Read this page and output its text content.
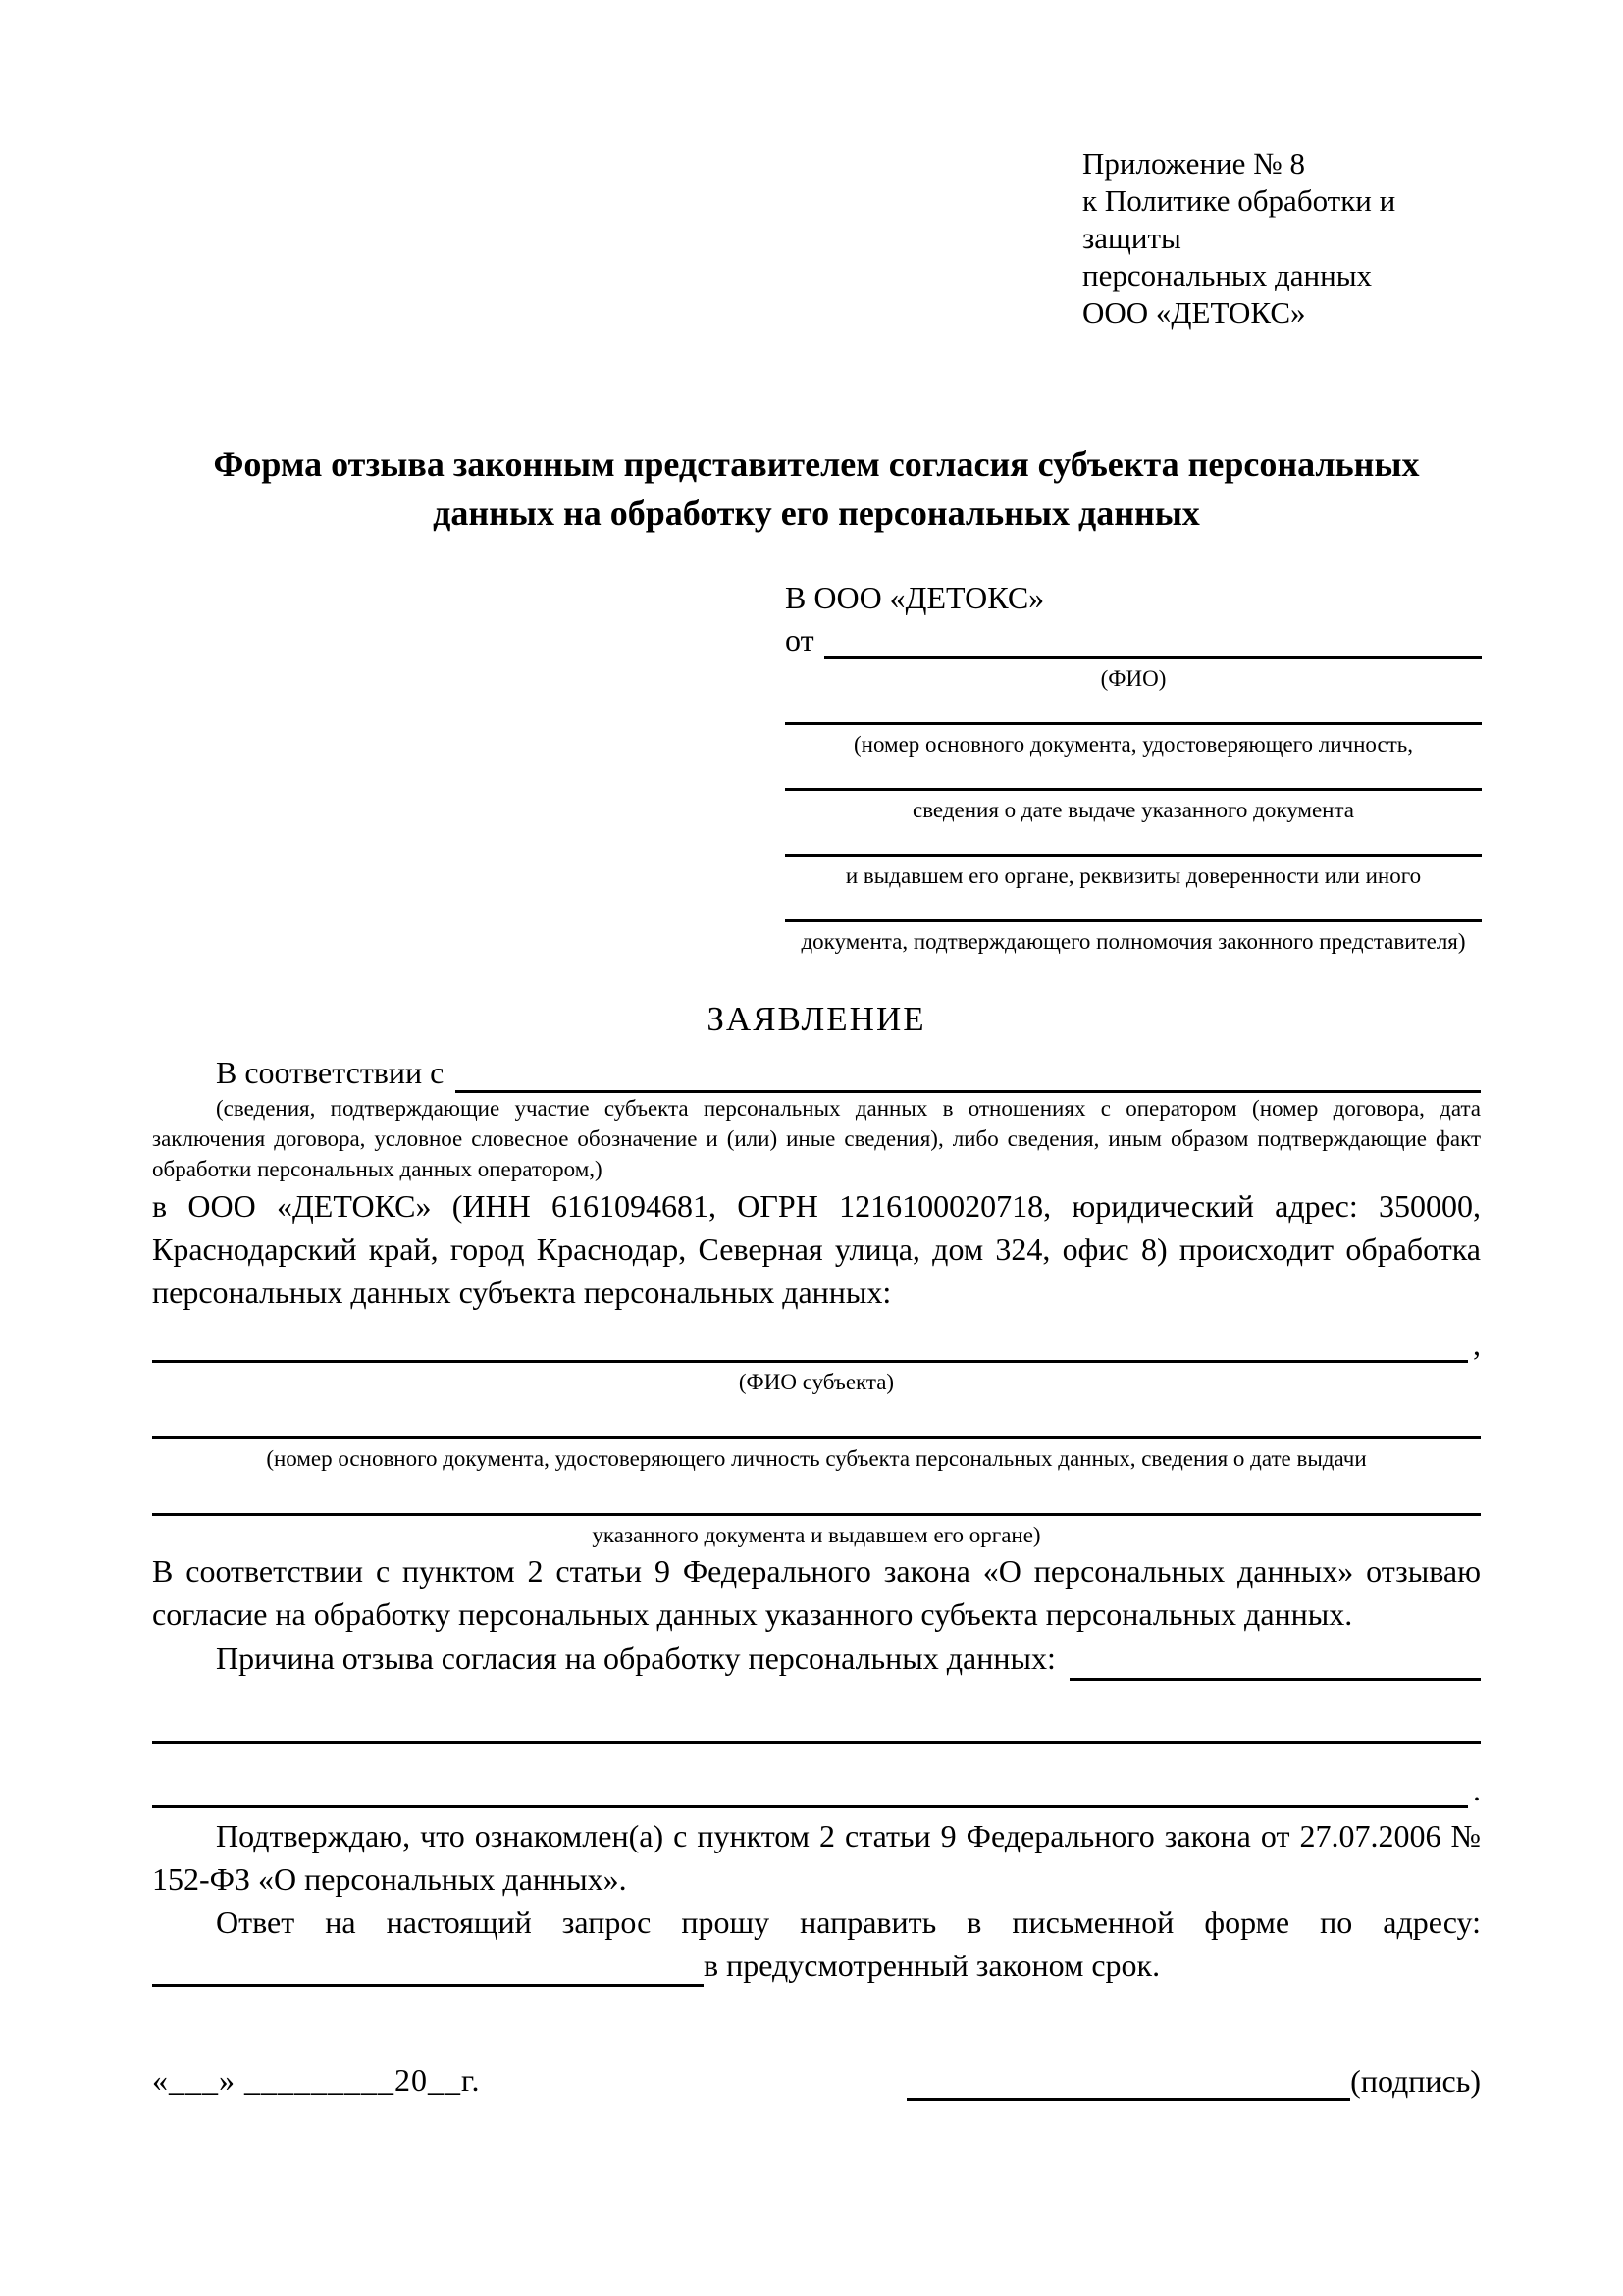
Приложение № 8
к Политике обработки и защиты
персональных данных
ООО «ДЕТОКС»
Форма отзыва законным представителем согласия субъекта персональных данных на обработку его персональных данных
В ООО «ДЕТОКС»
от
(ФИО)
(номер основного документа, удостоверяющего личность,
сведения о дате выдаче указанного документа
и выдавшем его органе, реквизиты доверенности или иного
документа, подтверждающего полномочия законного представителя)
ЗАЯВЛЕНИЕ
В соответствии с

(сведения, подтверждающие участие субъекта персональных данных в отношениях с оператором (номер договора, дата заключения договора, условное словесное обозначение и (или) иные сведения), либо сведения, иным образом подтверждающие факт обработки персональных данных оператором,)

в ООО «ДЕТОКС» (ИНН 6161094681, ОГРН 1216100020718, юридический адрес: 350000, Краснодарский край, город Краснодар, Северная улица, дом 324, офис 8) происходит обработка персональных данных субъекта персональных данных:

,
(ФИО субъекта)
(номер основного документа, удостоверяющего личность субъекта персональных данных, сведения о дате выдачи
указанного документа и выдавшем его органе)

В соответствии с пунктом 2 статьи 9 Федерального закона «О персональных данных» отзываю согласие на обработку персональных данных указанного субъекта персональных данных.

Причина отзыва согласия на обработку персональных данных:
.

Подтверждаю, что ознакомлен(а) с пунктом 2 статьи 9 Федерального закона от 27.07.2006 № 152-ФЗ «О персональных данных».

Ответ на настоящий запрос прошу направить в письменной форме по адресу:

в предусмотренный законом срок.
«___» _________20__г.	(подпись)
